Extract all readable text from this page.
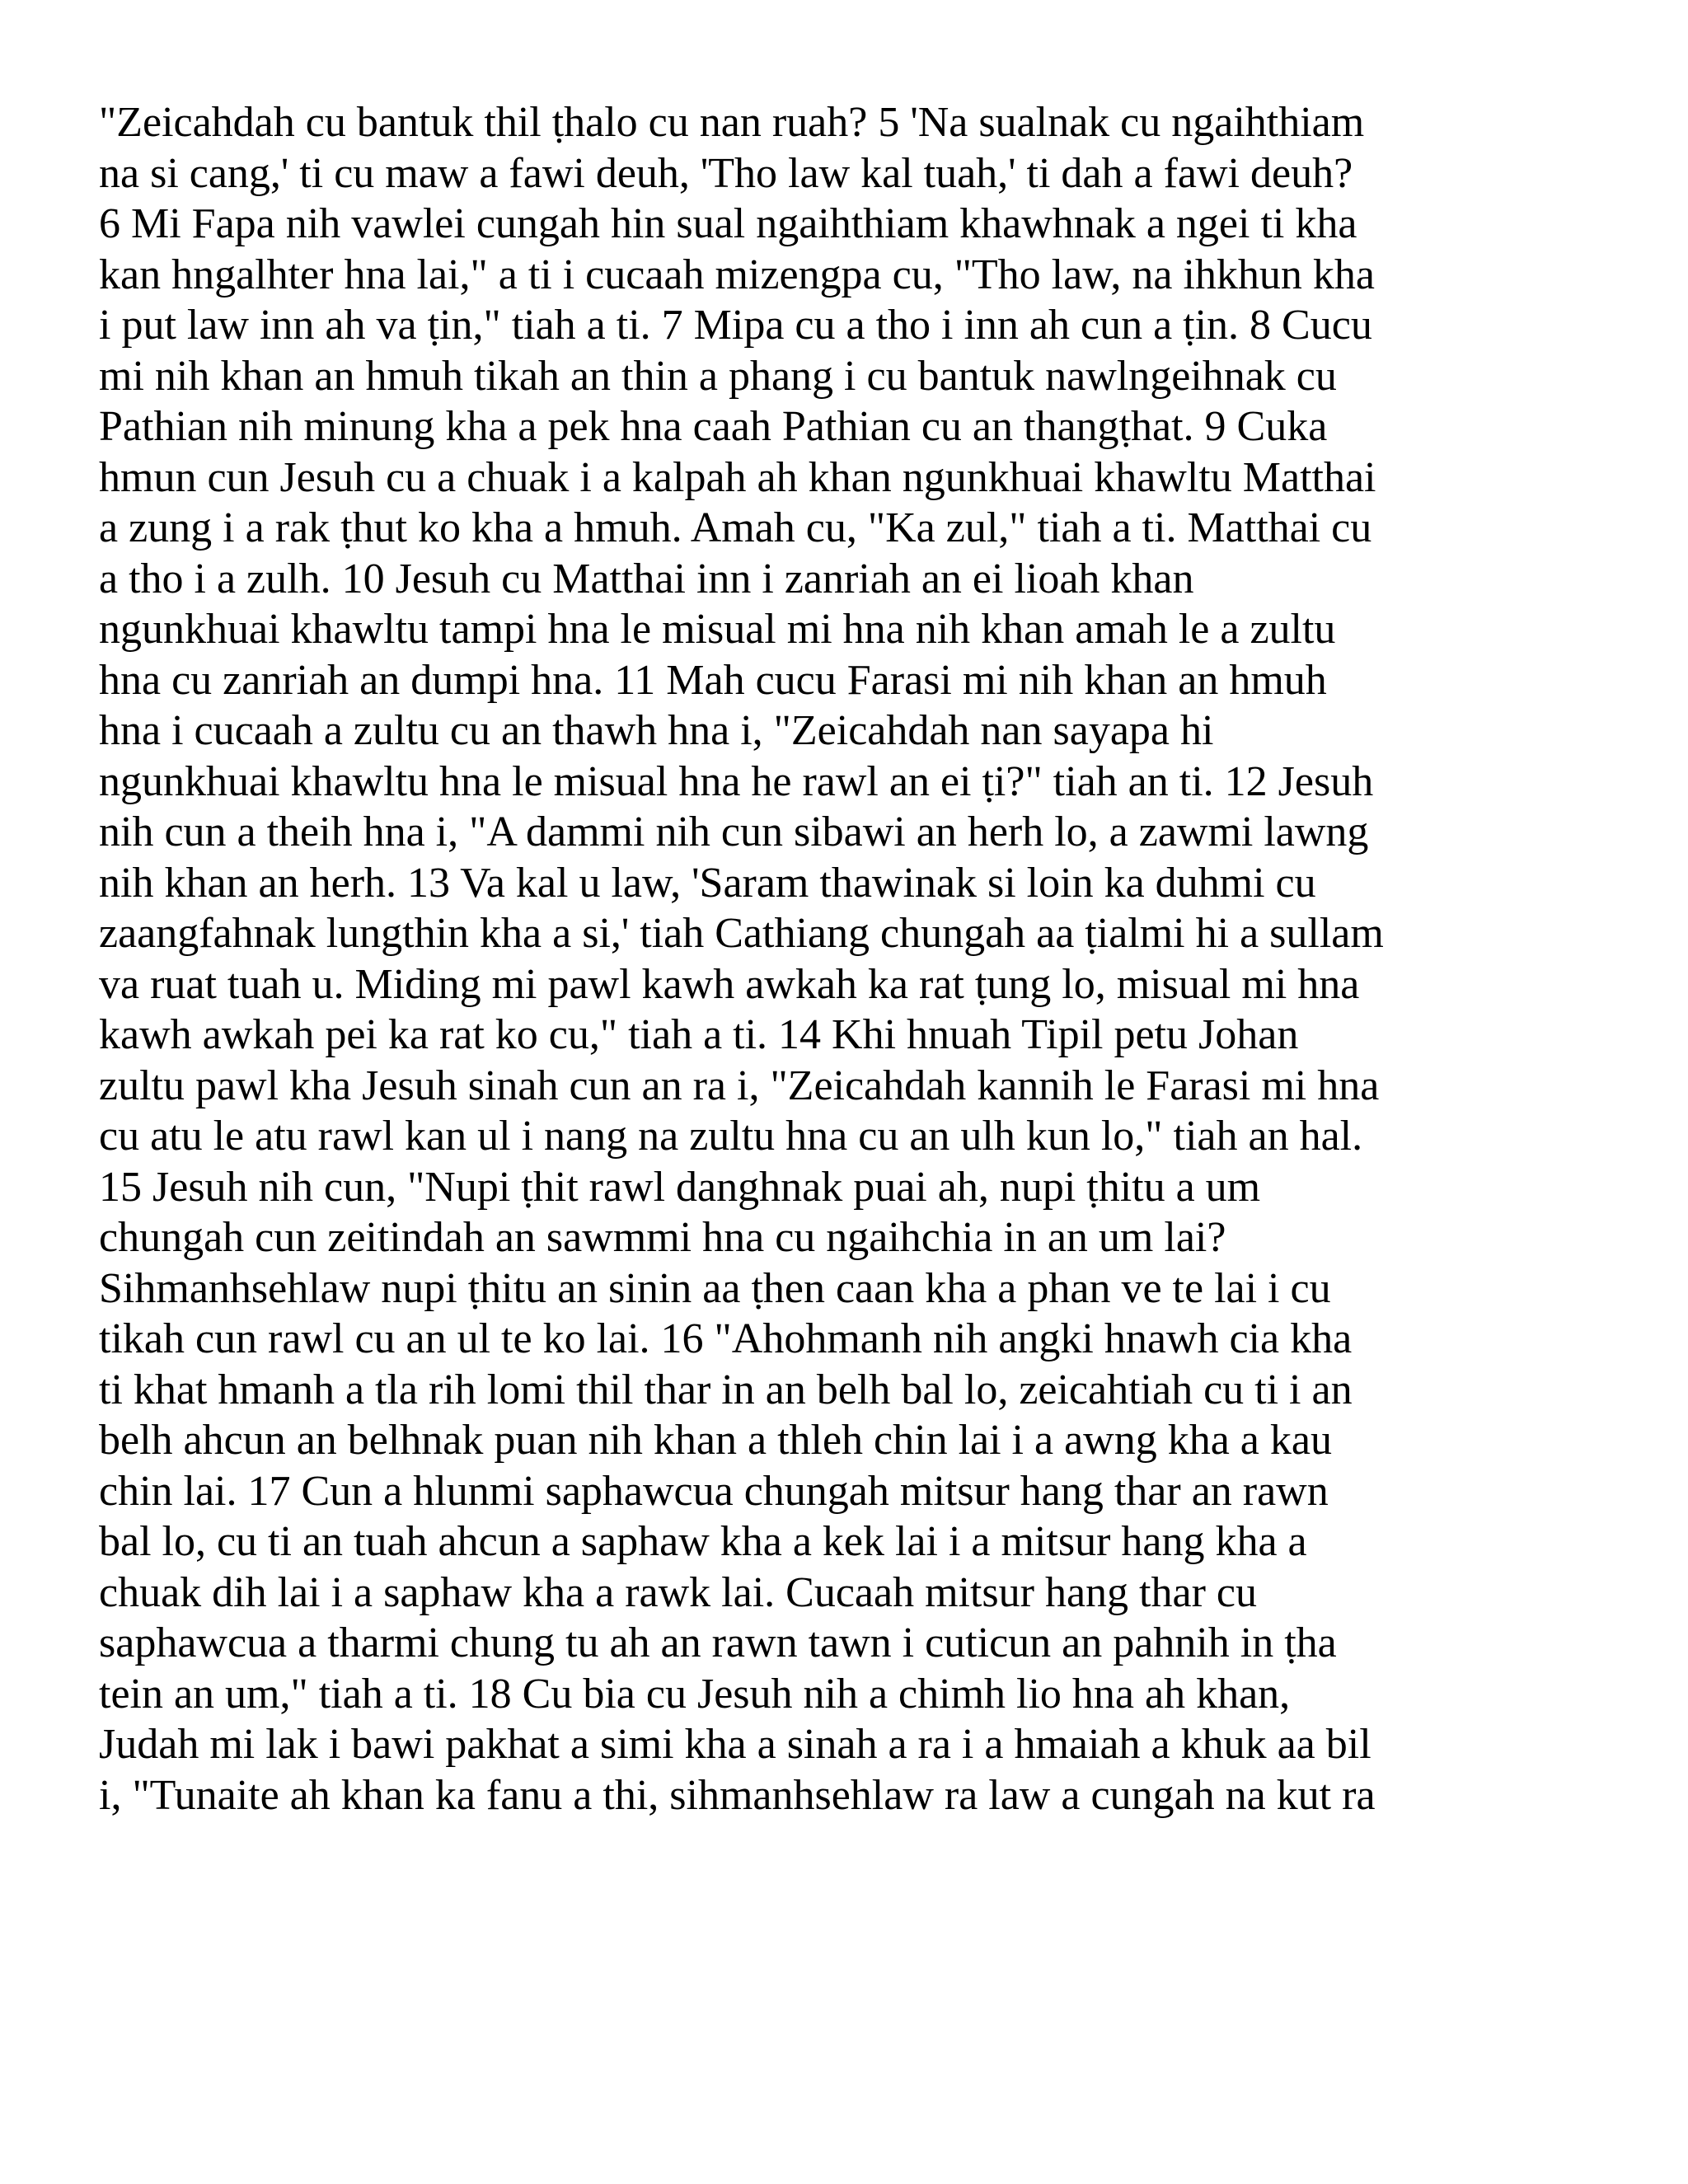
"Zeicahdah cu bantuk thil ṭhalo cu nan ruah? 5 'Na sualnak cu ngaihthiam
na si cang,' ti cu maw a fawi deuh, 'Tho law kal tuah,' ti dah a fawi deuh?
6 Mi Fapa nih vawlei cungah hin sual ngaihthiam khawhnak a ngei ti kha
kan hngalhter hna lai," a ti i cucaah mizengpa cu, "Tho law, na ihkhun kha
i put law inn ah va ṭin," tiah a ti. 7 Mipa cu a tho i inn ah cun a ṭin. 8 Cucu
mi nih khan an hmuh tikah an thin a phang i cu bantuk nawlngeihnak cu
Pathian nih minung kha a pek hna caah Pathian cu an thangṭhat. 9 Cuka
hmun cun Jesuh cu a chuak i a kalpah ah khan ngunkhuai khawltu Matthai
a zung i a rak ṭhut ko kha a hmuh. Amah cu, "Ka zul," tiah a ti. Matthai cu
a tho i a zulh. 10 Jesuh cu Matthai inn i zanriah an ei lioah khan
ngunkhuai khawltu tampi hna le misual mi hna nih khan amah le a zultu
hna cu zanriah an dumpi hna. 11 Mah cucu Farasi mi nih khan an hmuh
hna i cucaah a zultu cu an thawh hna i, "Zeicahdah nan sayapa hi
ngunkhuai khawltu hna le misual hna he rawl an ei ṭi?" tiah an ti. 12 Jesuh
nih cun a theih hna i, "A dammi nih cun sibawi an herh lo, a zawmi lawng
nih khan an herh. 13 Va kal u law, 'Saram thawinak si loin ka duhmi cu
zaangfahnak lungthin kha a si,' tiah Cathiang chungah aa ṭialmi hi a sullam
va ruat tuah u. Miding mi pawl kawh awkah ka rat ṭung lo, misual mi hna
kawh awkah pei ka rat ko cu," tiah a ti. 14 Khi hnuah Tipil petu Johan
zultu pawl kha Jesuh sinah cun an ra i, "Zeicahdah kannih le Farasi mi hna
cu atu le atu rawl kan ul i nang na zultu hna cu an ulh kun lo," tiah an hal.
15 Jesuh nih cun, "Nupi ṭhit rawl danghnak puai ah, nupi ṭhitu a um
chungah cun zeitindah an sawmmi hna cu ngaihchia in an um lai?
Sihmanhsehlaw nupi ṭhitu an sinin aa ṭhen caan kha a phan ve te lai i cu
tikah cun rawl cu an ul te ko lai. 16 "Ahohmanh nih angki hnawh cia kha
ti khat hmanh a tla rih lomi thil thar in an belh bal lo, zeicahtiah cu ti i an
belh ahcun an belhnak puan nih khan a thleh chin lai i a awng kha a kau
chin lai. 17 Cun a hlunmi saphawcua chungah mitsur hang thar an rawn
bal lo, cu ti an tuah ahcun a saphaw kha a kek lai i a mitsur hang kha a
chuak dih lai i a saphaw kha a rawk lai. Cucaah mitsur hang thar cu
saphawcua a tharmi chung tu ah an rawn tawn i cuticun an pahnih in ṭha
tein an um," tiah a ti. 18 Cu bia cu Jesuh nih a chimh lio hna ah khan,
Judah mi lak i bawi pakhat a simi kha a sinah a ra i a hmaiah a khuk aa bil
i, "Tunaite ah khan ka fanu a thi, sihmanhsehlaw ra law a cungah na kut ra
